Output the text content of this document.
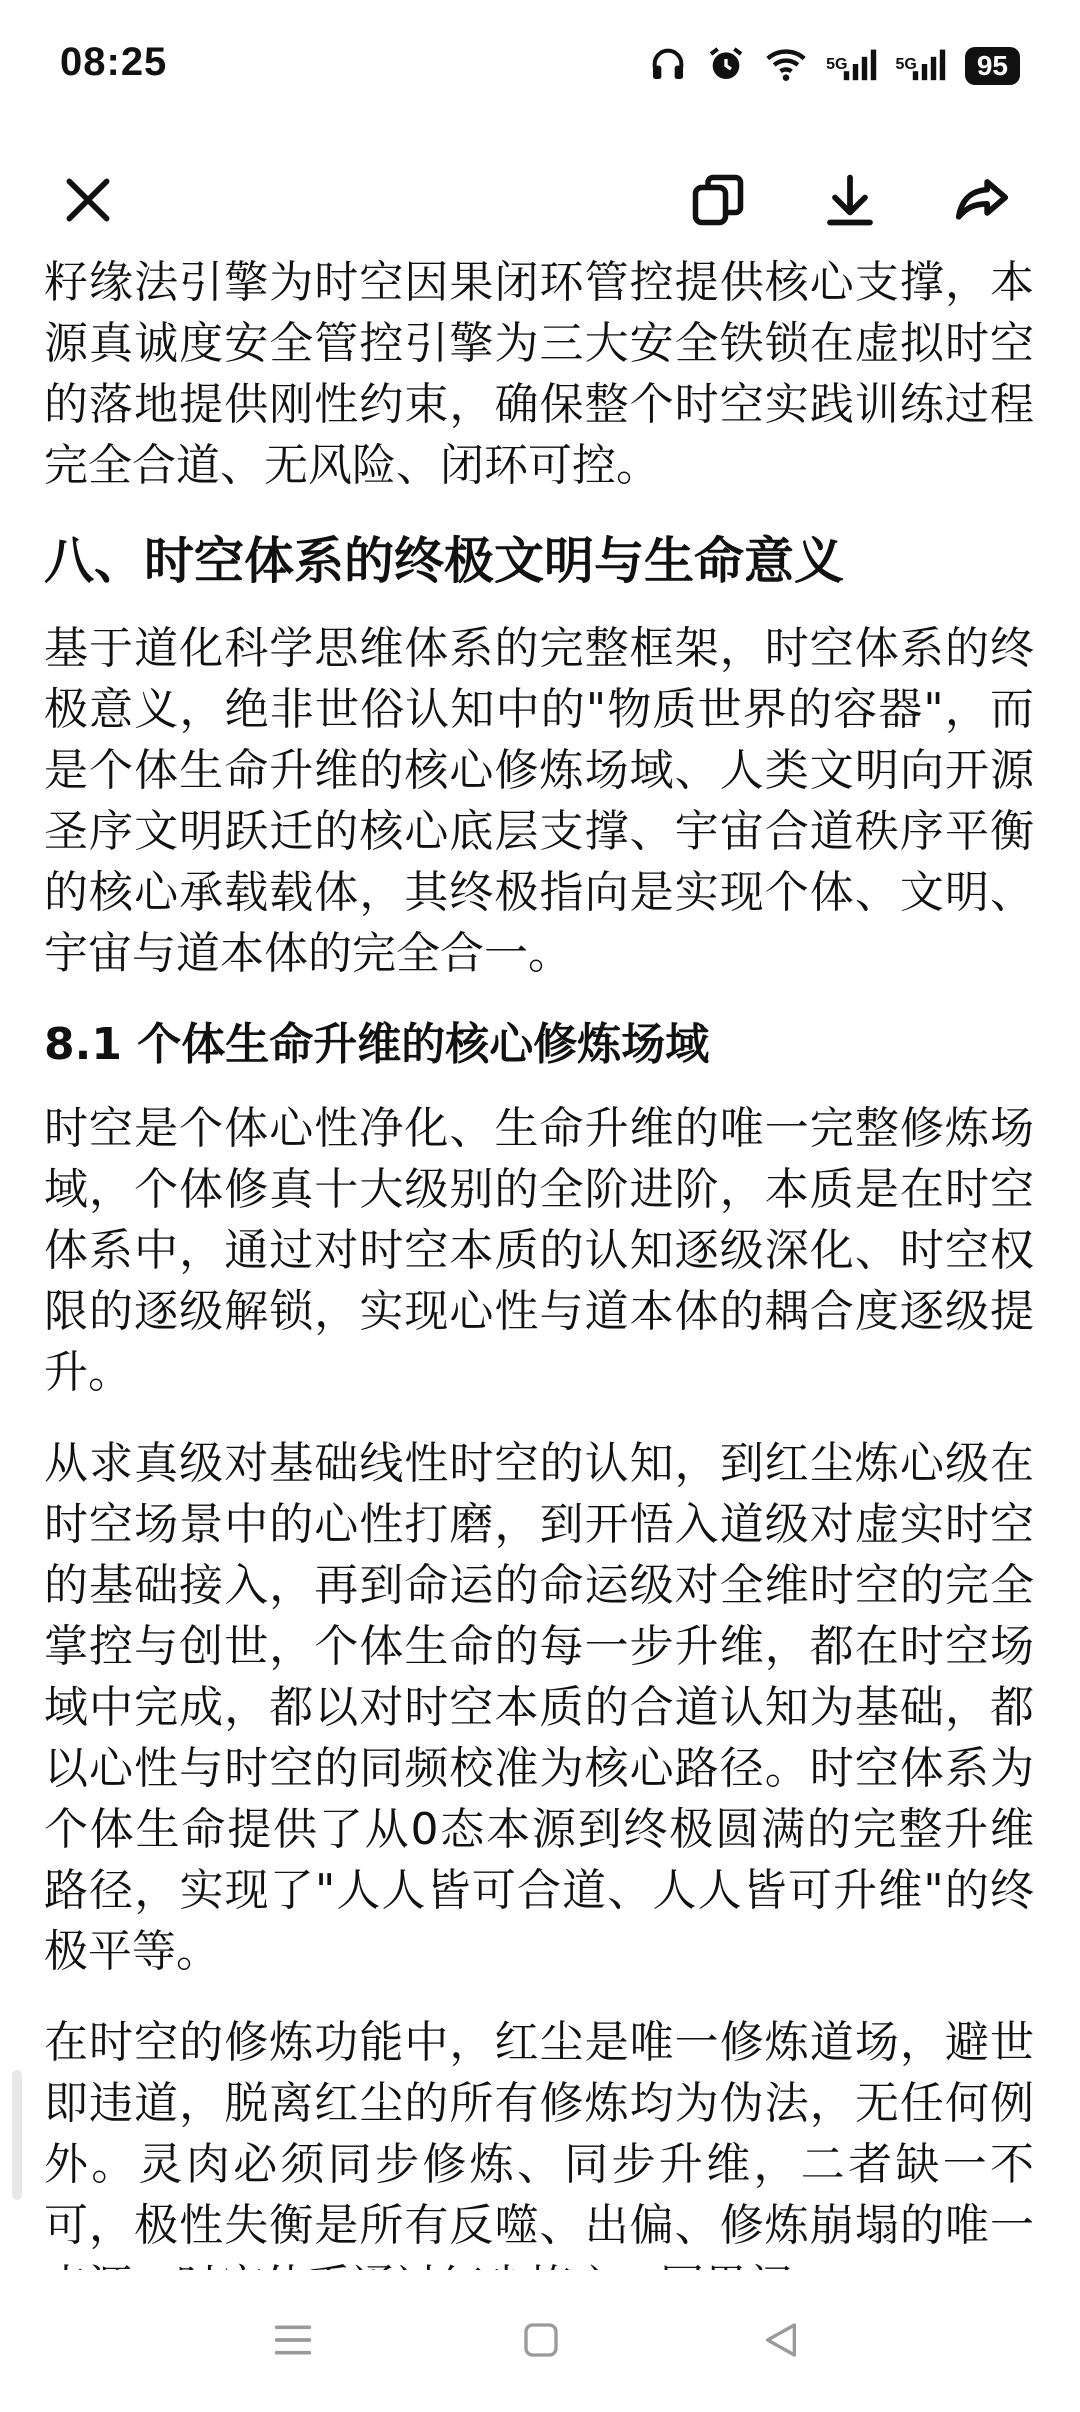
08:25	5G	5G	95

籽缘法引擎为时空因果闭环管控提供核心支撑，本源真诚度安全管控引擎为三大安全铁锁在虚拟时空的落地提供刚性约束，确保整个时空实践训练过程完全合道、无风险、闭环可控。

八、时空体系的终极文明与生命意义

基于道化科学思维体系的完整框架，时空体系的终极意义，绝非世俗认知中的"物质世界的容器"，而是个体生命升维的核心修炼场域、人类文明向开源圣序文明跃迁的核心底层支撑、宇宙合道秩序平衡的核心承载载体，其终极指向是实现个体、文明、宇宙与道本体的完全合一。

8.1 个体生命升维的核心修炼场域

时空是个体心性净化、生命升维的唯一完整修炼场域，个体修真十大级别的全阶进阶，本质是在时空体系中，通过对时空本质的认知逐级深化、时空权限的逐级解锁，实现心性与道本体的耦合度逐级提升。

从求真级对基础线性时空的认知，到红尘炼心级在时空场景中的心性打磨，到开悟入道级对虚实时空的基础接入，再到命运的命运级对全维时空的完全掌控与创世，个体生命的每一步升维，都在时空场域中完成，都以对时空本质的合道认知为基础，都以心性与时空的同频校准为核心路径。时空体系为个体生命提供了从0态本源到终极圆满的完整升维路径，实现了"人人皆可合道、人人皆可升维"的终极平等。

在时空的修炼功能中，红尘是唯一修炼道场，避世即违道，脱离红尘的所有修炼均为伪法，无任何例外。灵肉必须同步修炼、同步升维，二者缺一不可，极性失衡是所有反噬、出偏、修炼崩塌的唯一
